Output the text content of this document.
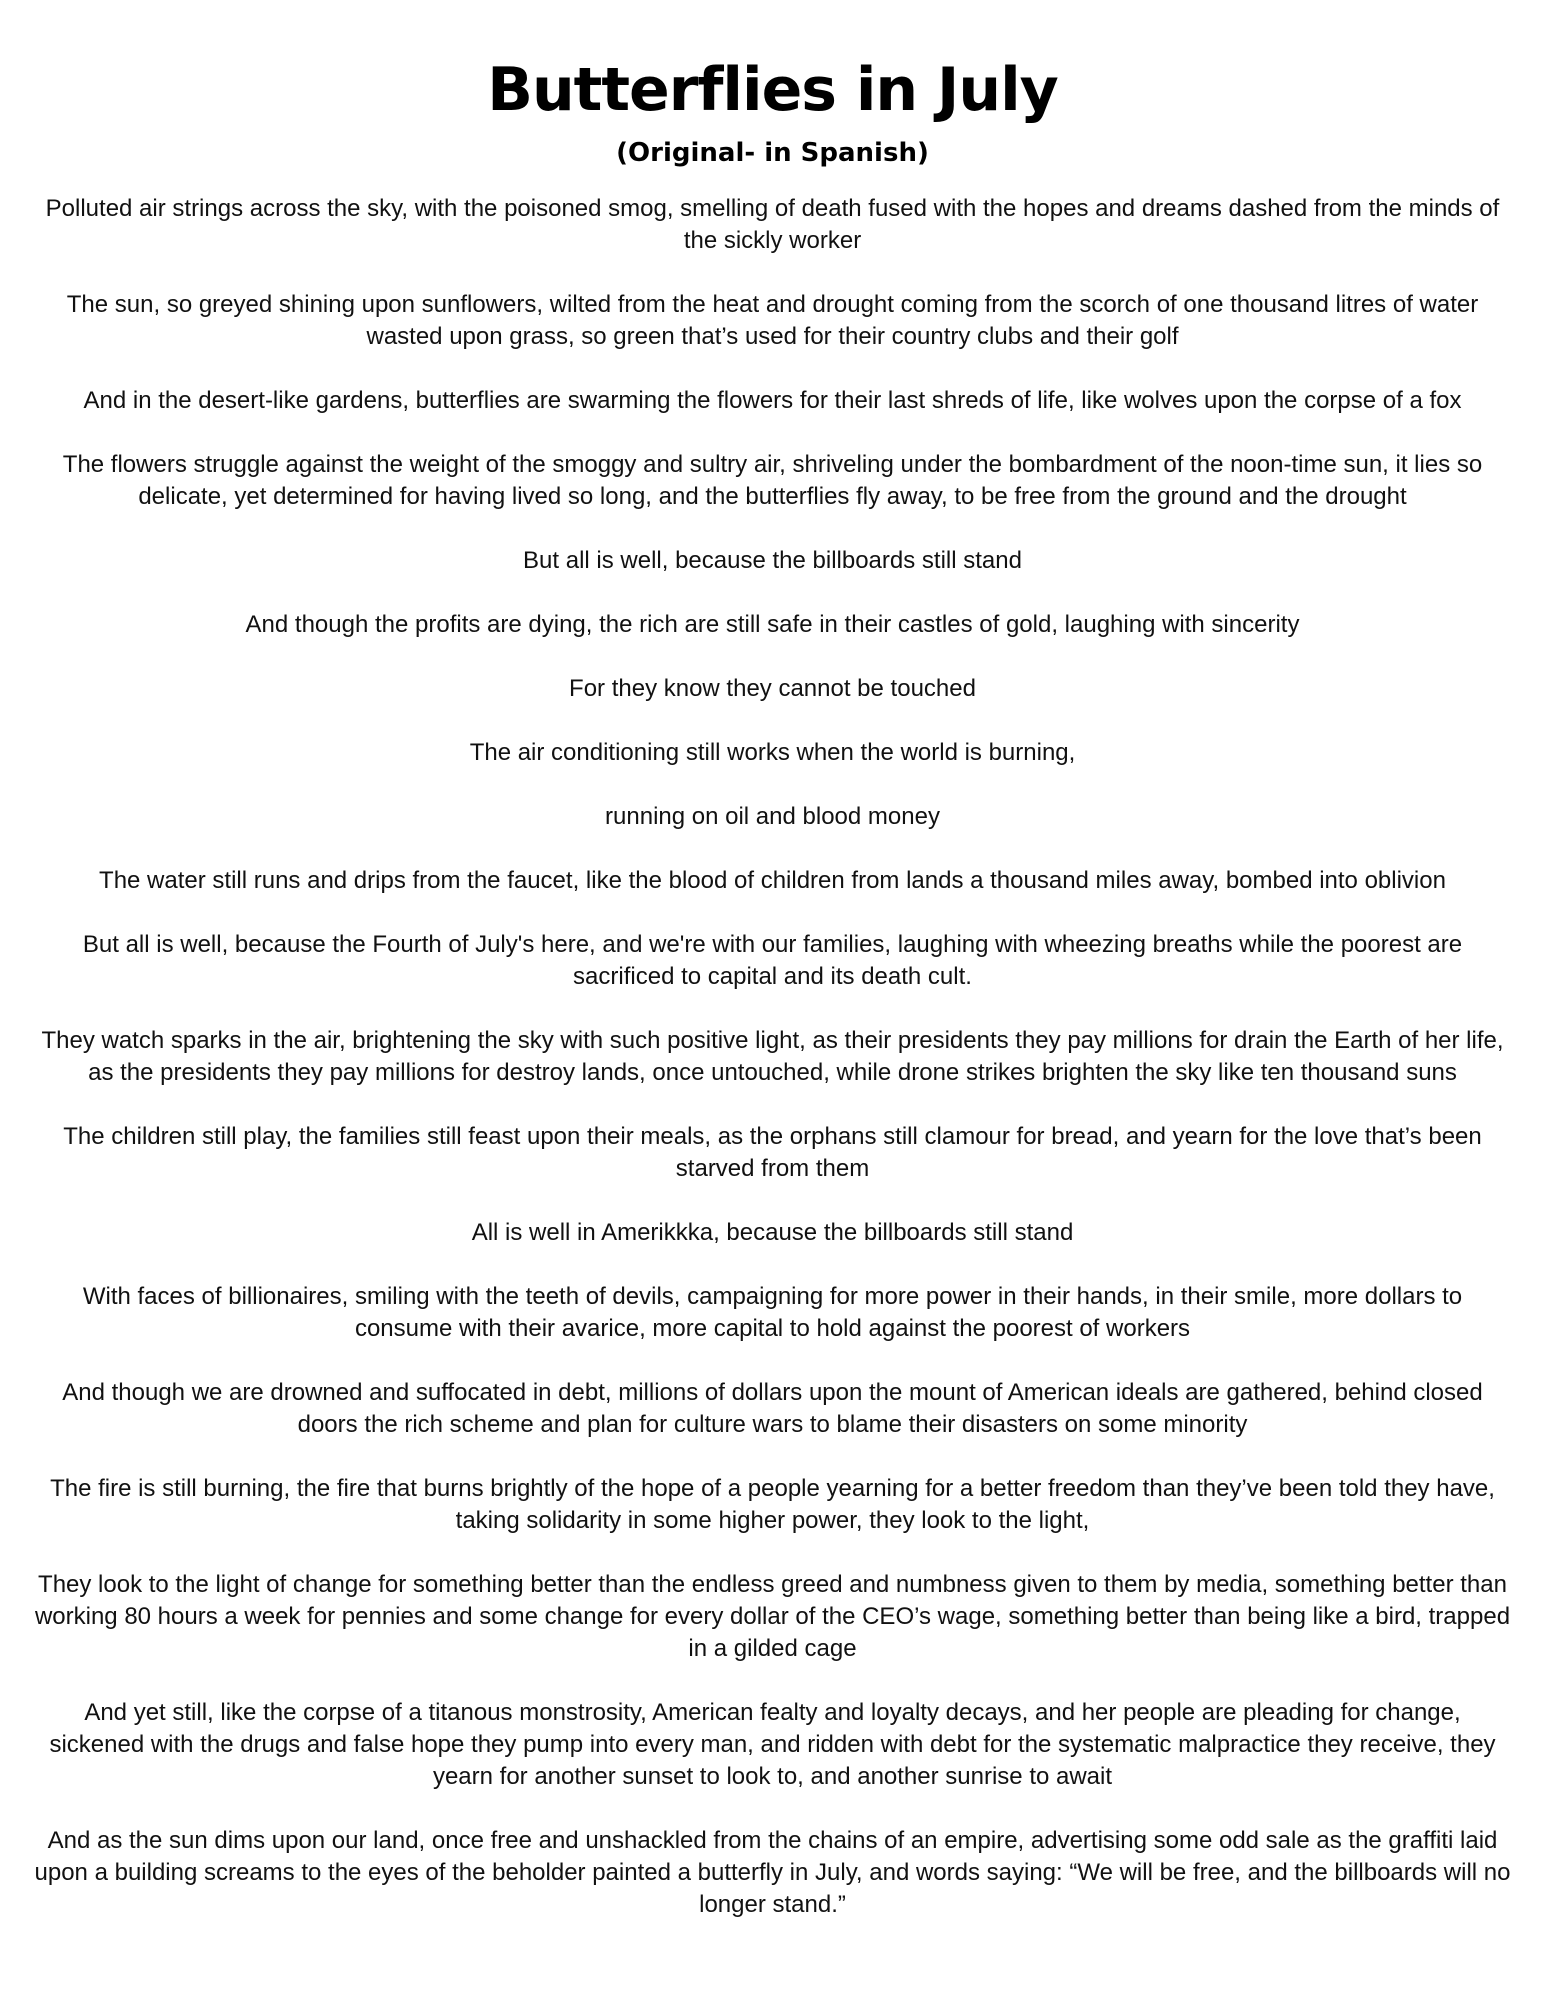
Butterflies in July
(Original- in Spanish)

Polluted air strings across the sky, with the poisoned smog, smelling of death fused with the hopes and dreams dashed from the minds of the sickly worker

The sun, so greyed shining upon sunflowers, wilted from the heat and drought coming from the scorch of one thousand litres of water wasted upon grass, so green that’s used for their country clubs and their golf

And in the desert-like gardens, butterflies are swarming the flowers for their last shreds of life, like wolves upon the corpse of a fox

The flowers struggle against the weight of the smoggy and sultry air, shriveling under the bombardment of the noon-time sun, it lies so delicate, yet determined for having lived so long, and the butterflies fly away, to be free from the ground and the drought

But all is well, because the billboards still stand

And though the profits are dying, the rich are still safe in their castles of gold, laughing with sincerity

For they know they cannot be touched

The air conditioning still works when the world is burning,

running on oil and blood money

The water still runs and drips from the faucet, like the blood of children from lands a thousand miles away, bombed into oblivion

But all is well, because the Fourth of July's here, and we're with our families, laughing with wheezing breaths while the poorest are sacrificed to capital and its death cult.

They watch sparks in the air, brightening the sky with such positive light, as their presidents they pay millions for drain the Earth of her life, as the presidents they pay millions for destroy lands, once untouched, while drone strikes brighten the sky like ten thousand suns

The children still play, the families still feast upon their meals, as the orphans still clamour for bread, and yearn for the love that’s been starved from them

All is well in Amerikkka, because the billboards still stand

With faces of billionaires, smiling with the teeth of devils, campaigning for more power in their hands, in their smile, more dollars to consume with their avarice, more capital to hold against the poorest of workers

And though we are drowned and suffocated in debt, millions of dollars upon the mount of American ideals are gathered, behind closed doors the rich scheme and plan for culture wars to blame their disasters on some minority

The fire is still burning, the fire that burns brightly of the hope of a people yearning for a better freedom than they’ve been told they have, taking solidarity in some higher power, they look to the light,

They look to the light of change for something better than the endless greed and numbness given to them by media, something better than working 80 hours a week for pennies and some change for every dollar of the CEO’s wage, something better than being like a bird, trapped in a gilded cage

And yet still, like the corpse of a titanous monstrosity, American fealty and loyalty decays, and her people are pleading for change, sickened with the drugs and false hope they pump into every man, and ridden with debt for the systematic malpractice they receive, they yearn for another sunset to look to, and another sunrise to await

And as the sun dims upon our land, once free and unshackled from the chains of an empire, advertising some odd sale as the graffiti laid upon a building screams to the eyes of the beholder painted a butterfly in July, and words saying: “We will be free, and the billboards will no longer stand.”
